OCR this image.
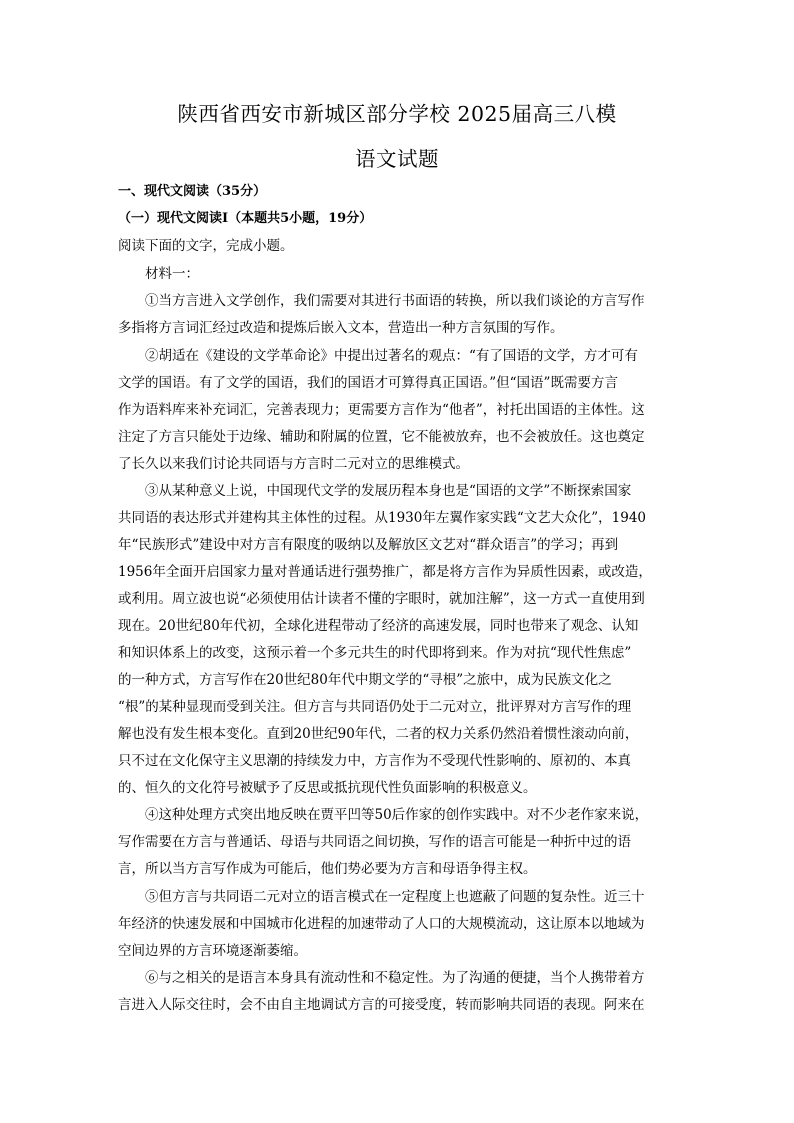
陕西省西安市新城区部分学校 2025届高三八模
语文试题
一、现代文阅读（35分）
（一）现代文阅读Ⅰ（本题共5小题，19分）
阅读下面的文字，完成小题。
材料一：
①当方言进入文学创作，我们需要对其进行书面语的转换，所以我们谈论的方言写作
多指将方言词汇经过改造和提炼后嵌入文本，营造出一种方言氛围的写作。
②胡适在《建设的文学革命论》中提出过著名的观点：“有了国语的文学，方才可有
文学的国语。有了文学的国语，我们的国语才可算得真正国语。”但“国语”既需要方言
作为语料库来补充词汇，完善表现力；更需要方言作为“他者”，衬托出国语的主体性。这
注定了方言只能处于边缘、辅助和附属的位置，它不能被放弃，也不会被放任。这也奠定
了长久以来我们讨论共同语与方言时二元对立的思维模式。
③从某种意义上说，中国现代文学的发展历程本身也是“国语的文学”不断探索国家
共同语的表达形式并建构其主体性的过程。从1930年左翼作家实践“文艺大众化”，1940
年“民族形式”建设中对方言有限度的吸纳以及解放区文艺对“群众语言”的学习；再到
1956年全面开启国家力量对普通话进行强势推广，都是将方言作为异质性因素，或改造，
或利用。周立波也说“必须使用估计读者不懂的字眼时，就加注解”，这一方式一直使用到
现在。20世纪80年代初，全球化进程带动了经济的高速发展，同时也带来了观念、认知
和知识体系上的改变，这预示着一个多元共生的时代即将到来。作为对抗“现代性焦虑”
的一种方式，方言写作在20世纪80年代中期文学的“寻根”之旅中，成为民族文化之
“根”的某种显现而受到关注。但方言与共同语仍处于二元对立，批评界对方言写作的理
解也没有发生根本变化。直到20世纪90年代，二者的权力关系仍然沿着惯性滚动向前，
只不过在文化保守主义思潮的持续发力中，方言作为不受现代性影响的、原初的、本真
的、恒久的文化符号被赋予了反思或抵抗现代性负面影响的积极意义。
④这种处理方式突出地反映在贾平凹等50后作家的创作实践中。对不少老作家来说，
写作需要在方言与普通话、母语与共同语之间切换，写作的语言可能是一种折中过的语
言，所以当方言写作成为可能后，他们势必要为方言和母语争得主权。
⑤但方言与共同语二元对立的语言模式在一定程度上也遮蔽了问题的复杂性。近三十
年经济的快速发展和中国城市化进程的加速带动了人口的大规模流动，这让原本以地域为
空间边界的方言环境逐渐萎缩。
⑥与之相关的是语言本身具有流动性和不稳定性。为了沟通的便捷，当个人携带着方
言进入人际交往时，会不由自主地调试方言的可接受度，转而影响共同语的表现。阿来在
